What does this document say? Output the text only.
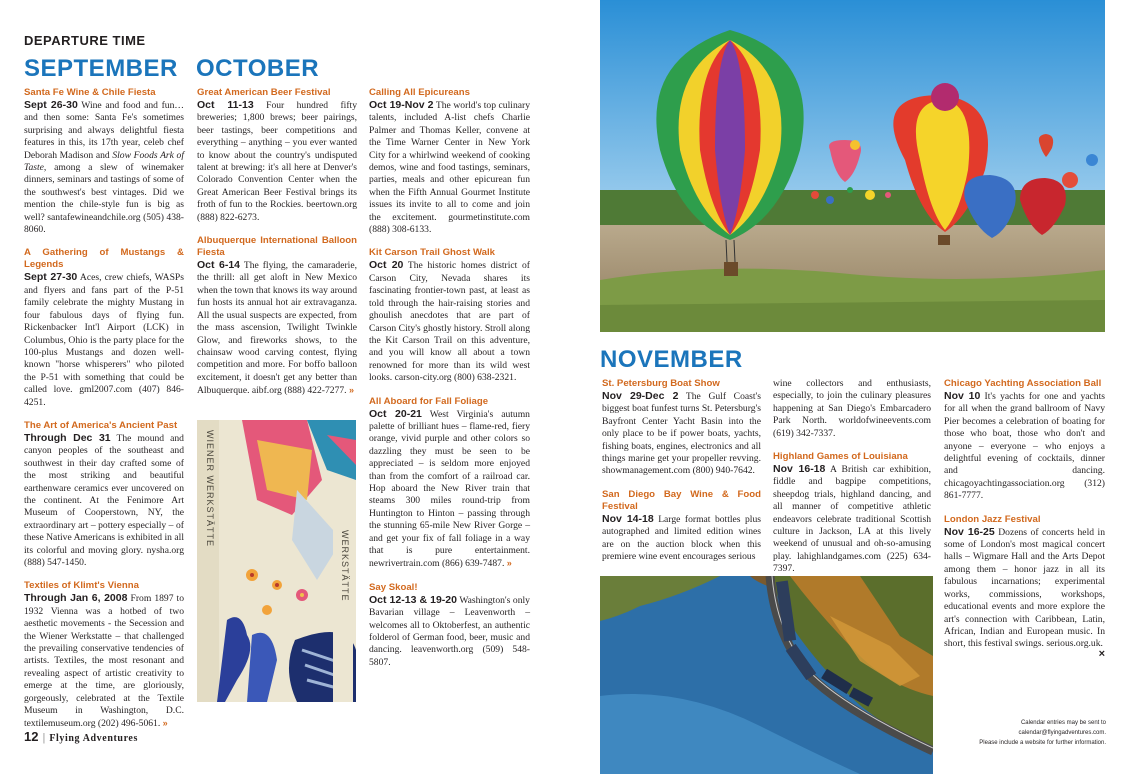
DEPARTURE TIME
SEPTEMBER OCTOBER
Santa Fe Wine & Chile Fiesta

Sept 26-30 Wine and food and fun…and then some: Santa Fe's sometimes surprising and always delightful fiesta features in this, its 17th year, celeb chef Deborah Madison and Slow Foods Ark of Taste, among a slew of winemaker dinners, seminars and tastings of some of the southwest's best vintages. Did we mention the chile-style fun is big as well? santafewineandchile.org (505) 438-8060.

A Gathering of Mustangs & Legends

Sept 27-30 Aces, crew chiefs, WASPs and flyers and fans part of the P-51 family celebrate the mighty Mustang in four fabulous days of flying fun. Rickenbacker Int'l Airport (LCK) in Columbus, Ohio is the party place for the 100-plus Mustangs and dozen well-known "horse whisperers" who piloted the P-51 with something that could be called love. gml2007.com (407) 846-4251.

The Art of America's Ancient Past

Through Dec 31 The mound and canyon peoples of the southeast and southwest in their day crafted some of the most striking and beautiful earthenware ceramics ever uncovered on the continent. At the Fenimore Art Museum of Cooperstown, NY, the extraordinary art – pottery especially – of these Native Americans is exhibited in all its colorful and moving glory. nysha.org (888) 547-1450.

Textiles of Klimt's Vienna

Through Jan 6, 2008 From 1897 to 1932 Vienna was a hotbed of two aesthetic movements - the Secession and the Wiener Werkstatte – that challenged the prevailing conservative tendencies of artists. Textiles, the most resonant and revealing aspect of artistic creativity to emerge at the time, are gloriously, gorgeously, celebrated at the Textile Museum in Washington, D.C. textilemuseum.org (202) 496-5061. »

Great American Beer Festival

Oct 11-13 Four hundred fifty breweries; 1,800 brews; beer pairings, beer tastings, beer competitions and everything – anything – you ever wanted to know about the country's undisputed talent at brewing: it's all here at Denver's Colorado Convention Center when the Great American Beer Festival brings its froth of fun to the Rockies. beertown.org (888) 822-6273.

Albuquerque International Balloon Fiesta

Oct 6-14 The flying, the camaraderie, the thrill: all get aloft in New Mexico when the town that knows its way around fun hosts its annual hot air extravaganza. All the usual suspects are expected, from the mass ascension, Twilight Twinkle Glow, and fireworks shows, to the chainsaw wood carving contest, flying competition and more. For boffo balloon excitement, it doesn't get any better than Albuquerque. aibf.org (888) 422-7277. »

WIENER WERKSTÄTTE
WERKSTÄTTE
Calling All Epicureans

Oct 19-Nov 2 The world's top culinary talents, included A-list chefs Charlie Palmer and Thomas Keller, convene at the Time Warner Center in New York City for a whirlwind weekend of cooking demos, wine and food tastings, seminars, parties, meals and other epicurean fun when the Fifth Annual Gourmet Institute issues its invite to all to come and join the excitement. gourmetinstitute.com (888) 308-6133.

Kit Carson Trail Ghost Walk

Oct 20 The historic homes district of Carson City, Nevada shares its fascinating frontier-town past, at least as told through the hair-raising stories and ghoulish anecdotes that are part of Carson City's ghostly history. Stroll along the Kit Carson Trail on this adventure, and you will know all about a town renowned for more than its wild west looks. carson-city.org (800) 638-2321.

All Aboard for Fall Foliage

Oct 20-21 West Virginia's autumn palette of brilliant hues – flame-red, fiery orange, vivid purple and other colors so dazzling they must be seen to be appreciated – is seldom more enjoyed than from the comfort of a railroad car. Hop aboard the New River train that steams 300 miles round-trip from Huntington to Hinton – passing through the stunning 65-mile New River Gorge – and get your fix of fall foliage in a way that is pure entertainment. newrivertrain.com (866) 639-7487. »

Say Skoal!

Oct 12-13 & 19-20 Washington's only Bavarian village – Leavenworth – welcomes all to Oktoberfest, an authentic folderol of German food, beer, music and dancing. leavenworth.org (509) 548-5807.

12 | Flying Adventures
NOVEMBER
St. Petersburg Boat Show

Nov 29-Dec 2 The Gulf Coast's biggest boat funfest turns St. Petersburg's Bayfront Center Yacht Basin into the only place to be if power boats, yachts, fishing boats, engines, electronics and all things marine get your propeller revving. showmanagement.com (800) 940-7642.

San Diego Bay Wine & Food Festival

Nov 14-18 Large format bottles plus autographed and limited edition wines are on the auction block when this premiere wine event encourages serious

wine collectors and enthusiasts, especially, to join the culinary pleasures happening at San Diego's Embarcadero Park North. worldofwineevents.com (619) 342-7337.

Highland Games of Louisiana

Nov 16-18 A British car exhibition, fiddle and bagpipe competitions, sheepdog trials, highland dancing, and all manner of competitive athletic endeavors celebrate traditional Scottish culture in Jackson, LA at this lively weekend of unusual and oh-so-amusing play. lahighlandgames.com (225) 634-7397.

Chicago Yachting Association Ball

Nov 10 It's yachts for one and yachts for all when the grand ballroom of Navy Pier becomes a celebration of boating for those who boat, those who don't and anyone – everyone – who enjoys a delightful evening of cocktails, dinner and dancing. chicagoyachtingassociation.org (312) 861-7777.

London Jazz Festival

Nov 16-25 Dozens of concerts held in some of London's most magical concert halls – Wigmare Hall and the Arts Depot among them – honor jazz in all its fabulous incarnations; experimental works, commissions, workshops, educational events and more explore the art's connection with Caribbean, Latin, African, Indian and European music. In short, this festival swings. serious.org.uk.

×
Calendar entries may be sent to calendar@flyingadventures.com.
Please include a website for further information.
